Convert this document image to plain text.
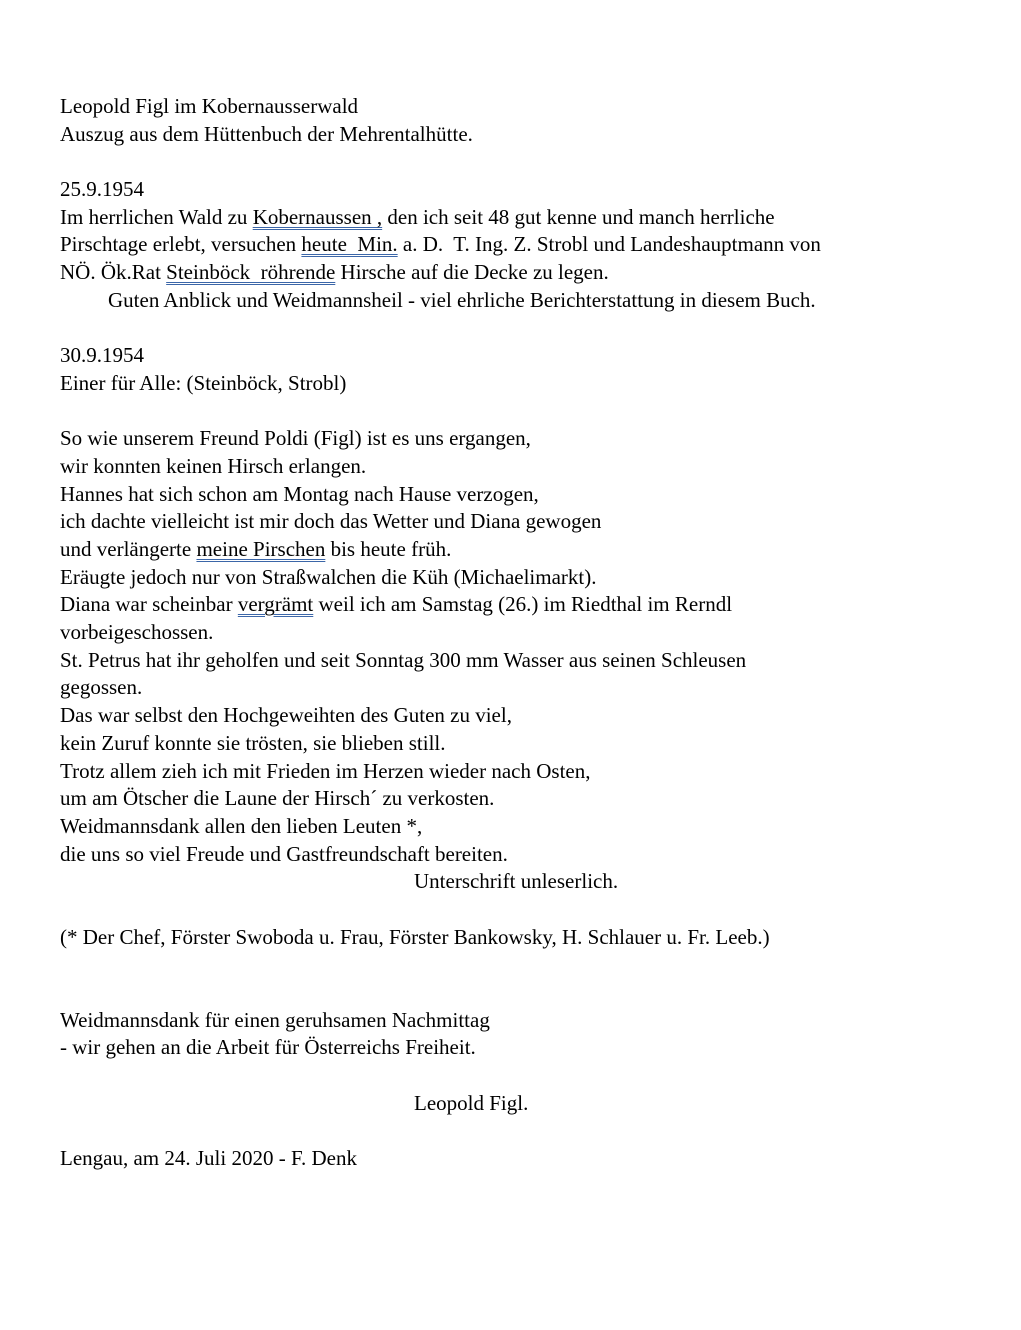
Leopold Figl im Kobernausserwald
Auszug aus dem Hüttenbuch der Mehrentalhütte.
25.9.1954
Im herrlichen Wald zu Kobernaussen , den ich seit 48 gut kenne und manch herrliche
Pirschtage erlebt, versuchen heute  Min. a. D.  T. Ing. Z. Strobl und Landeshauptmann von
NÖ. Ök.Rat Steinböck  röhrende Hirsche auf die Decke zu legen.
Guten Anblick und Weidmannsheil - viel ehrliche Berichterstattung in diesem Buch.
30.9.1954
Einer für Alle: (Steinböck, Strobl)
So wie unserem Freund Poldi (Figl) ist es uns ergangen,
wir konnten keinen Hirsch erlangen.
Hannes hat sich schon am Montag nach Hause verzogen,
ich dachte vielleicht ist mir doch das Wetter und Diana gewogen
und verlängerte meine Pirschen bis heute früh.
Eräugte jedoch nur von Straßwalchen die Küh (Michaelimarkt).
Diana war scheinbar vergrämt weil ich am Samstag (26.) im Riedthal im Rerndl
vorbeigeschossen.
St. Petrus hat ihr geholfen und seit Sonntag 300 mm Wasser aus seinen Schleusen
gegossen.
Das war selbst den Hochgeweihten des Guten zu viel,
kein Zuruf konnte sie trösten, sie blieben still.
Trotz allem zieh ich mit Frieden im Herzen wieder nach Osten,
um am Ötscher die Laune der Hirsch´ zu verkosten.
Weidmannsdank allen den lieben Leuten *,
die uns so viel Freude und Gastfreundschaft bereiten.
Unterschrift unleserlich.
(* Der Chef, Förster Swoboda u. Frau, Förster Bankowsky, H. Schlauer u. Fr. Leeb.)
Weidmannsdank für einen geruhsamen Nachmittag
- wir gehen an die Arbeit für Österreichs Freiheit.
Leopold Figl.
Lengau, am 24. Juli 2020 - F. Denk
